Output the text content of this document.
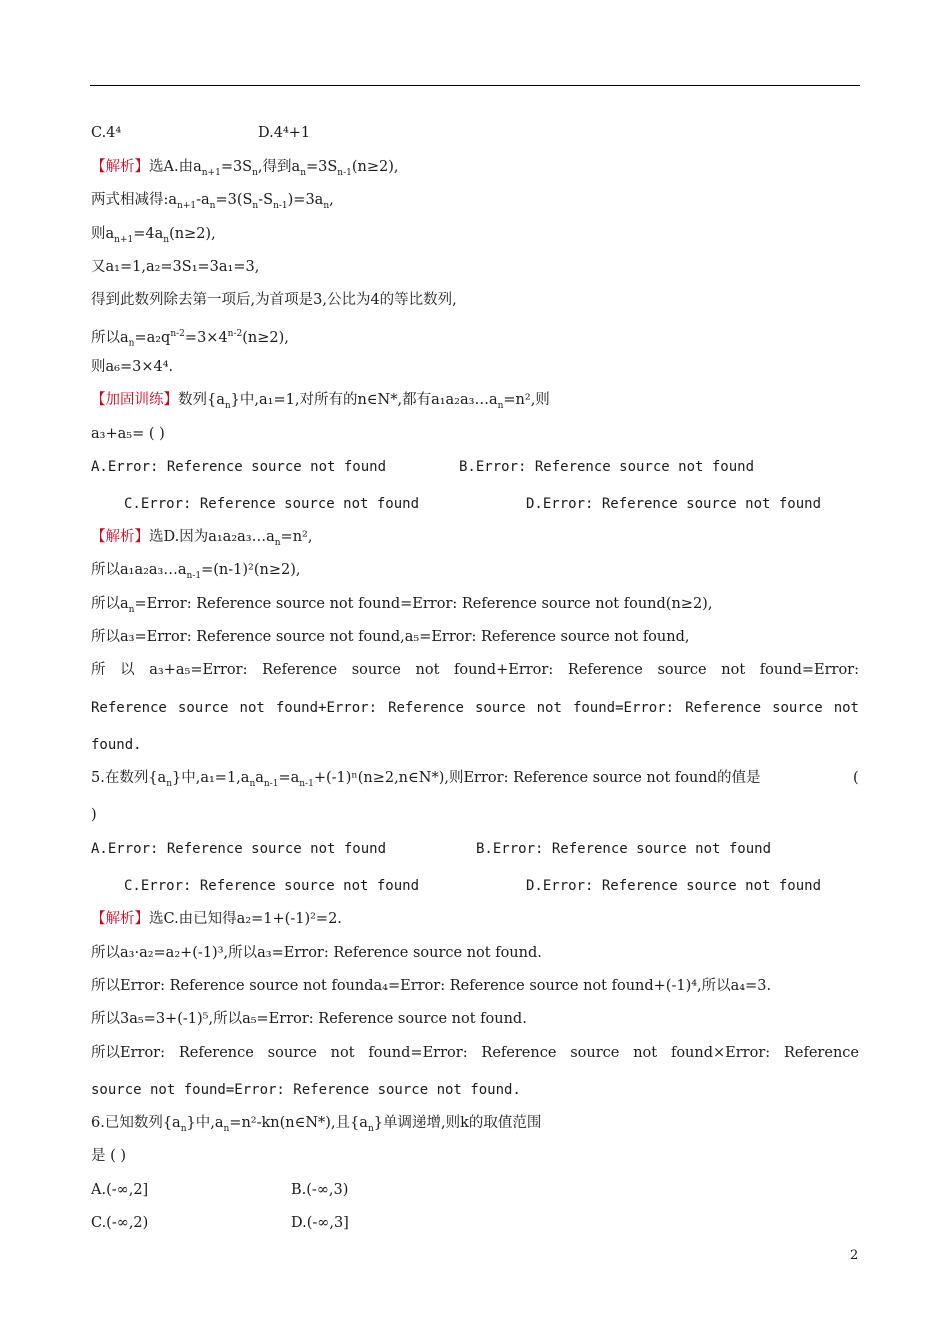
C.4⁴	D.4⁴+1
【解析】选A.由$a_{n+1}=3S_n$,得到$a_n=3S_{n-1}(n\ge 2)$,
两式相减得$:a_{n+1}-a_n=3(S_n-S_{n-1})=3a_n$,
则$a_{n+1}=4a_n(n\ge 2)$,
又a₁=1,a₂=3S₁=3a₁=3,
得到此数列除去第一项后,为首项是3,公比为4的等比数列,
所以$a_n=a_2q^{n-2}=3\times 4^{n-2}(n\ge 2)$,
则a₆=3×4⁴.
【加固训练】数列$\{a_n\}$中,a₁=1,对所有的n∈N*,都有$a_1a_2a_3\dots a_n=n^2$,则
a₃+a₅= ( )
A.Error: Reference source not found	B.Error: Reference source not found
C.Error: Reference source not found	D.Error: Reference source not found
【解析】选D.因为$a_1a_2a_3\dots a_n=n^2$,
所以$a_1a_2a_3\dots a_{n-1}=(n-1)^2(n\ge 2)$,
所以$a_n=Error$: Reference source not found=Error: Reference source not found(n≥2),
所以a₃=Error: Reference source not found,a₅=Error: Reference source not found,
所 以 a₃+a₅=Error: Reference source not found+Error: Reference source not found=Error:
Reference source not found+Error: Reference source not found=Error: Reference source not
found.
5.在数列$\{a_n\}$中$,a_1=1,a_na_{n-1}=a_{n-1}+(-1)^n(n\ge 2,n\in N*)$,则Error: Reference source not found的值是	(
)
A.Error: Reference source not found	B.Error: Reference source not found
C.Error: Reference source not found	D.Error: Reference source not found
【解析】选C.由已知得a₂=1+(-1)²=2.
所以a₃·a₂=a₂+(-1)³,所以a₃=Error: Reference source not found.
所以Error: Reference source not founda₄=Error: Reference source not found+(-1)⁴,所以a₄=3.
所以3a₅=3+(-1)⁵,所以a₅=Error: Reference source not found.
所以Error: Reference source not found=Error: Reference source not found×Error: Reference
source not found=Error: Reference source not found.
6.已知数列$\{a_n\}$中$,a_n=n^2-kn(n\in N*)$,且$\{a_n\}$单调递增,则k的取值范围
是 ( )
A.(-∞,2]	B.(-∞,3)
C.(-∞,2)	D.(-∞,3]
2
